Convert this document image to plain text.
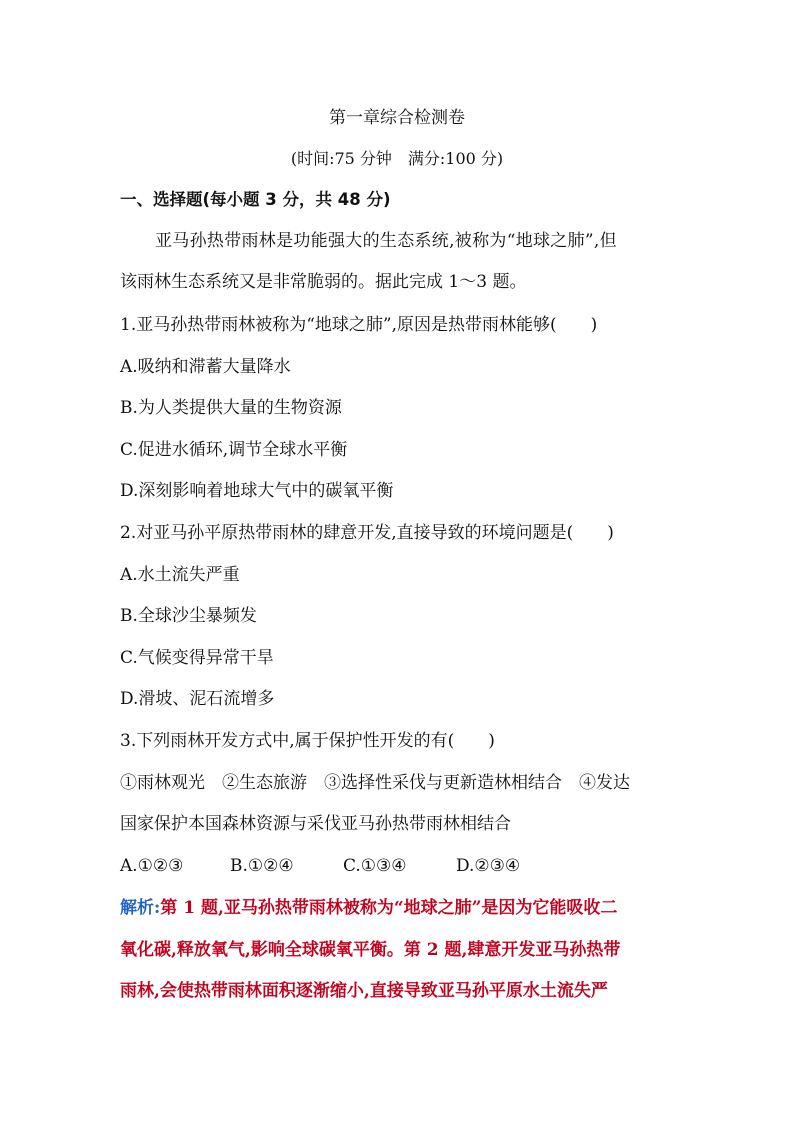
第一章综合检测卷
(时间:75 分钟　满分:100 分)
一、选择题(每小题 3 分，共 48 分)
亚马孙热带雨林是功能强大的生态系统,被称为“地球之肺”,但
该雨林生态系统又是非常脆弱的。据此完成 1～3 题。
1.亚马孙热带雨林被称为“地球之肺”,原因是热带雨林能够(　　)
A.吸纳和滞蓄大量降水
B.为人类提供大量的生物资源
C.促进水循环,调节全球水平衡
D.深刻影响着地球大气中的碳氧平衡
2.对亚马孙平原热带雨林的肆意开发,直接导致的环境问题是(　　)
A.水土流失严重
B.全球沙尘暴频发
C.气候变得异常干旱
D.滑坡、泥石流增多
3.下列雨林开发方式中,属于保护性开发的有(　　)
①雨林观光　②生态旅游　③选择性采伐与更新造林相结合　④发达
国家保护本国森林资源与采伐亚马孙热带雨林相结合
A.①②③	B.①②④	C.①③④	D.②③④
解析:第 1 题,亚马孙热带雨林被称为“地球之肺”是因为它能吸收二
氧化碳,释放氧气,影响全球碳氧平衡。第 2 题,肆意开发亚马孙热带
雨林,会使热带雨林面积逐渐缩小,直接导致亚马孙平原水土流失严
